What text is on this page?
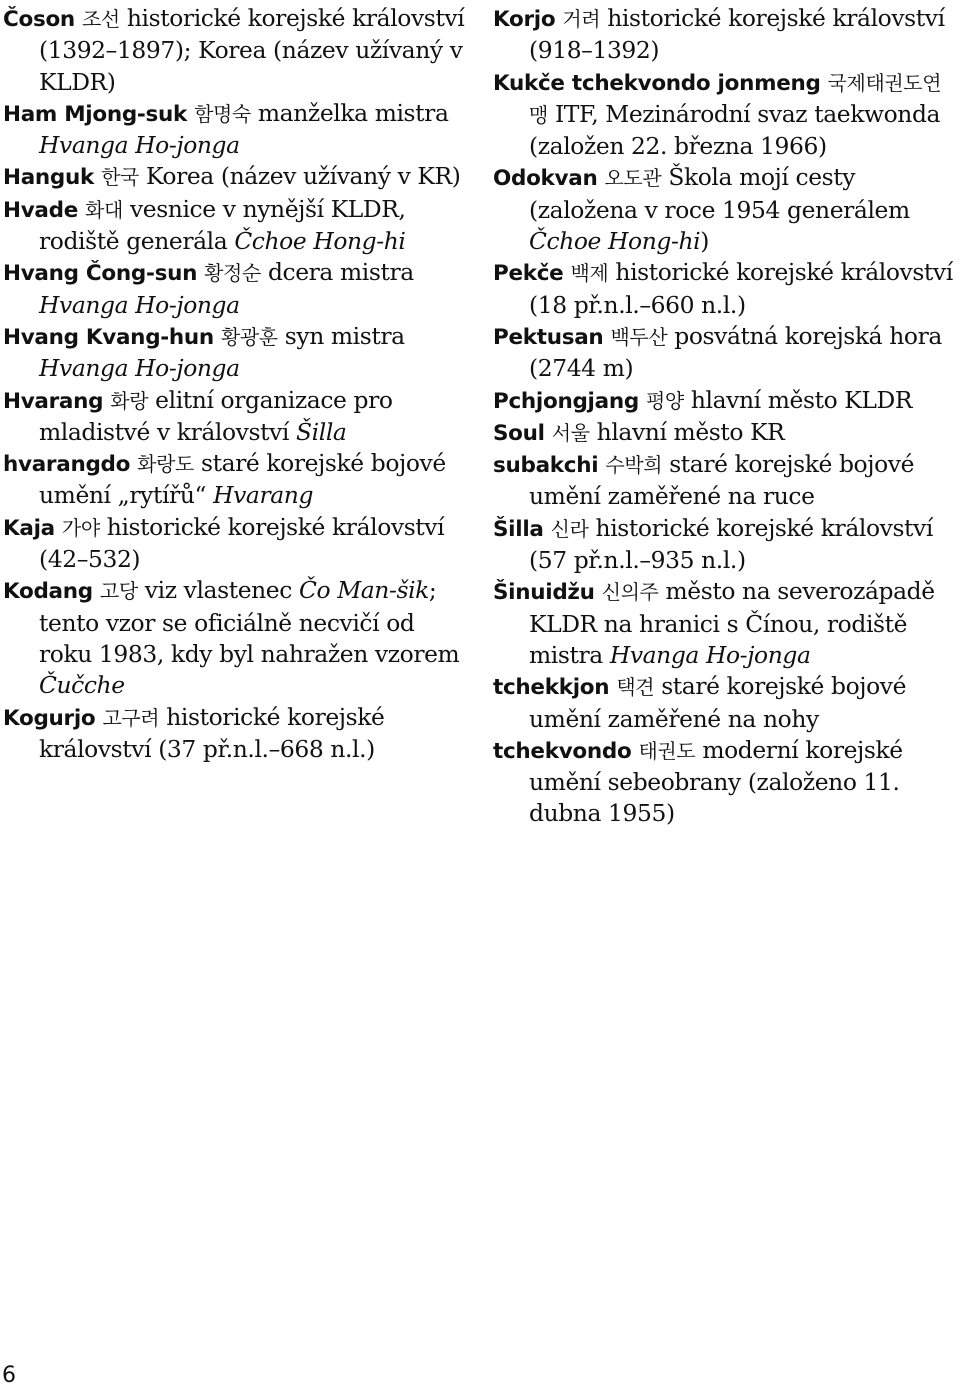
Čoson 조선 historické korejské království (1392–1897); Korea (název užívaný v KLDR)
Ham Mjong-suk 함명숙 manželka mistra Hvanga Ho-jonga
Hanguk 한국 Korea (název užívaný v KR)
Hvade 화대 vesnice v nynější KLDR, rodiště generála Čchoe Hong-hi
Hvang Čong-sun 황정순 dcera mistra Hvanga Ho-jonga
Hvang Kvang-hun 황광훈 syn mistra Hvanga Ho-jonga
Hvarang 화랑 elitní organizace pro mladistvé v království Šilla
hvarangdo 화랑도 staré korejské bojové umění „rytířů“ Hvarang
Kaja 가야 historické korejské království (42–532)
Kodang 고당 viz vlastenec Čo Man-šik; tento vzor se oficiálně necvičí od roku 1983, kdy byl nahražen vzorem Čučche
Kogurjo 고구려 historické korejské království (37 př.n.l.–668 n.l.)
Korjo 거려 historické korejské království (918–1392)
Kukče tchekvondo jonmeng 국제태권도연맹 ITF, Mezinárodní svaz taekwonda (založen 22. března 1966)
Odokvan 오도관 Škola mojí cesty (založena v roce 1954 generálem Čchoe Hong-hi)
Pekče 백제 historické korejské království (18 př.n.l.–660 n.l.)
Pektusan 백두산 posvátná korejská hora (2744 m)
Pchjongjang 평양 hlavní město KLDR
Soul 서울 hlavní město KR
subakchi 수박희 staré korejské bojové umění zaměřené na ruce
Šilla 신라 historické korejské království (57 př.n.l.–935 n.l.)
Šinuidžu 신의주 město na severozápadě KLDR na hranici s Čínou, rodiště mistra Hvanga Ho-jonga
tchekkjon 택견 staré korejské bojové umění zaměřené na nohy
tchekvondo 태권도 moderní korejské umění sebeobrany (založeno 11. dubna 1955)
6
